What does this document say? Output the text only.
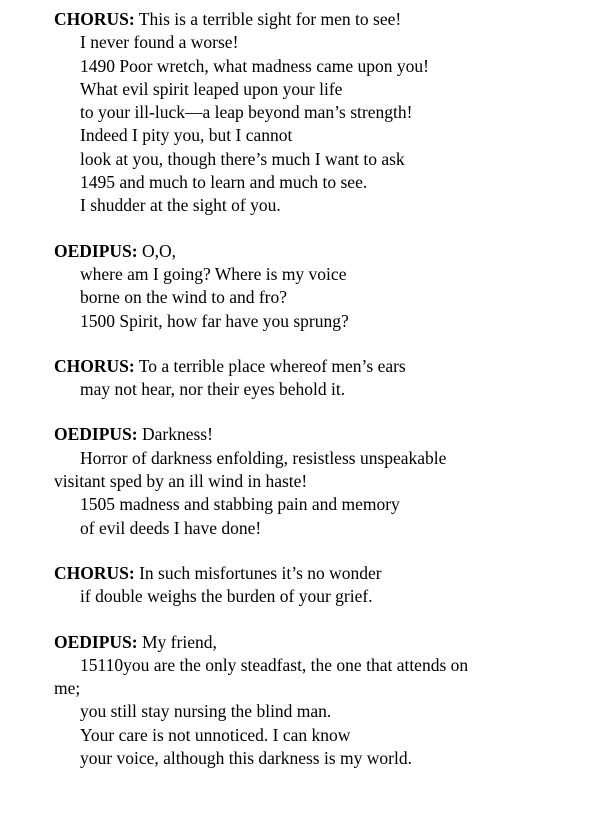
CHORUS: This is a terrible sight for men to see!
I never found a worse!
1490 Poor wretch, what madness came upon you!
What evil spirit leaped upon your life
to your ill-luck—a leap beyond man’s strength!
Indeed I pity you, but I cannot
look at you, though there’s much I want to ask
1495 and much to learn and much to see.
I shudder at the sight of you.
OEDIPUS: O,O,
where am I going? Where is my voice
borne on the wind to and fro?
1500 Spirit, how far have you sprung?
CHORUS: To a terrible place whereof men’s ears
may not hear, nor their eyes behold it.
OEDIPUS: Darkness!
Horror of darkness enfolding, resistless unspeakable
visitant sped by an ill wind in haste!
1505 madness and stabbing pain and memory
of evil deeds I have done!
CHORUS: In such misfortunes it’s no wonder
if double weighs the burden of your grief.
OEDIPUS: My friend,
15110you are the only steadfast, the one that attends on
me;
you still stay nursing the blind man.
Your care is not unnoticed. I can know
your voice, although this darkness is my world.
